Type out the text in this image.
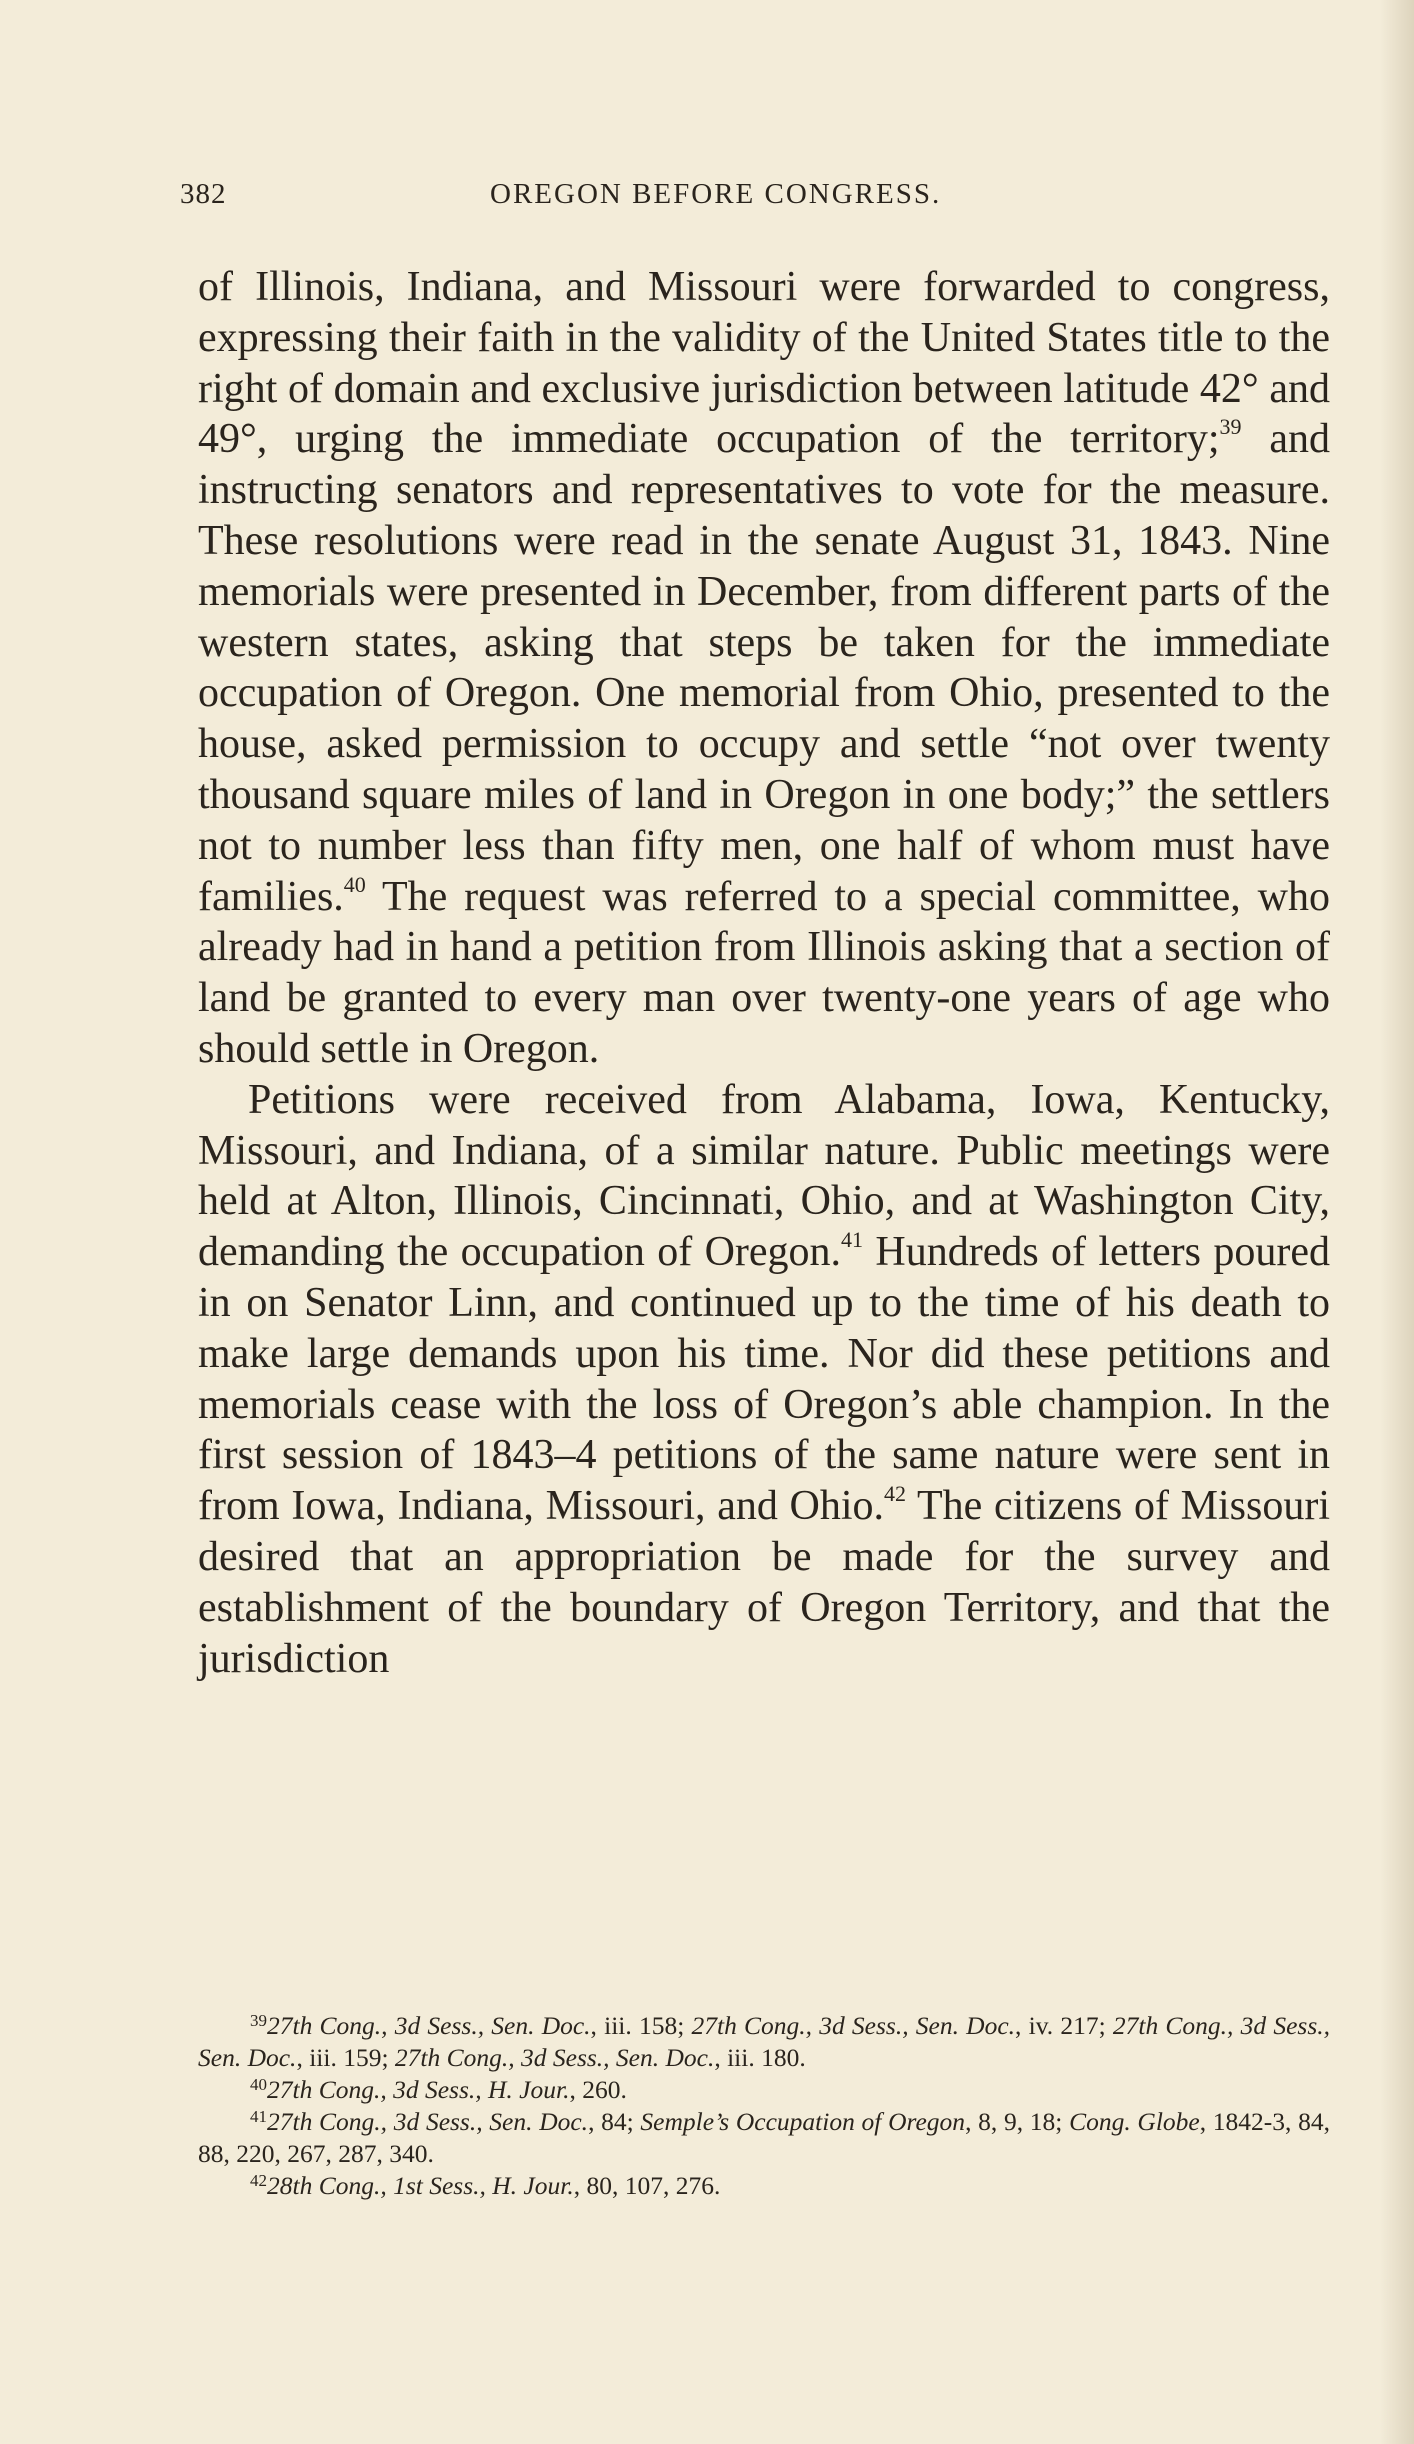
382	OREGON BEFORE CONGRESS.

of Illinois, Indiana, and Missouri were forwarded to congress, expressing their faith in the validity of the United States title to the right of domain and exclusive jurisdiction between latitude 42° and 49°, urging the immediate occupation of the territory;$^{39}$ and instructing senators and representatives to vote for the measure. These resolutions were read in the senate August 31, 1843. Nine memorials were presented in December, from different parts of the western states, asking that steps be taken for the immediate occupation of Oregon. One memorial from Ohio, presented to the house, asked permission to occupy and settle “not over twenty thousand square miles of land in Oregon in one body;” the settlers not to number less than fifty men, one half of whom must have families.$^{40}$ The request was referred to a special committee, who already had in hand a petition from Illinois asking that a section of land be granted to every man over twenty-one years of age who should settle in Oregon.

Petitions were received from Alabama, Iowa, Kentucky, Missouri, and Indiana, of a similar nature. Public meetings were held at Alton, Illinois, Cincinnati, Ohio, and at Washington City, demanding the occupation of Oregon.$^{41}$ Hundreds of letters poured in on Senator Linn, and continued up to the time of his death to make large demands upon his time. Nor did these petitions and memorials cease with the loss of Oregon’s able champion. In the first session of 1843–4 petitions of the same nature were sent in from Iowa, Indiana, Missouri, and Ohio.$^{42}$ The citizens of Missouri desired that an appropriation be made for the survey and establishment of the boundary of Oregon Territory, and that the jurisdiction

$^{39}$27th Cong., 3d Sess., Sen. Doc., iii. 158; 27th Cong., 3d Sess., Sen. Doc., iv. 217; 27th Cong., 3d Sess., Sen. Doc., iii. 159; 27th Cong., 3d Sess., Sen. Doc., iii. 180.

$^{40}$27th Cong., 3d Sess., H. Jour., 260.

$^{41}$27th Cong., 3d Sess., Sen. Doc., 84; Semple’s Occupation of Oregon, 8, 9, 18; Cong. Globe, 1842-3, 84, 88, 220, 267, 287, 340.

$^{42}$28th Cong., 1st Sess., H. Jour., 80, 107, 276.
